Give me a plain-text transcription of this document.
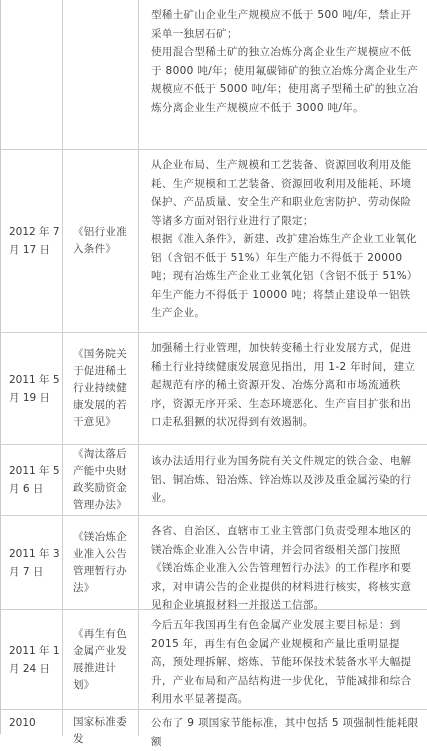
型稀土矿山企业生产规模应不低于 500 吨/年，禁止开采单一独居石矿；

使用混合型稀土矿的独立冶炼分离企业生产规模应不低于 8000 吨/年；使用氟碳铈矿的独立冶炼分离企业生产规模应不低于 5000 吨/年；使用离子型稀土矿的独立冶炼分离企业生产规模应不低于 3000 吨/年。

2012 年 7 月 17 日
《铝行业准入条件》

从企业布局、生产规模和工艺装备、资源回收利用及能耗、生产规模和工艺装备、资源回收利用及能耗、环境保护、产品质量、安全生产和职业危害防护、劳动保险等诸多方面对铝行业进行了限定；

根据《准入条件》，新建、改扩建冶炼生产企业工业氧化铝（含铝不低于 51%）年生产能力不得低于 20000 吨；现有冶炼生产企业工业氧化铝（含铝不低于 51%）年生产能力不得低于 10000 吨；将禁止建设单一铝铁生产企业。

2011 年 5 月 19 日
《国务院关于促进稀土行业持续健康发展的若干意见》

加强稀土行业管理，加快转变稀土行业发展方式，促进稀土行业持续健康发展意见指出，用 1-2 年时间，建立起规范有序的稀土资源开发、冶炼分离和市场流通秩序，资源无序开采、生态环境恶化、生产盲目扩张和出口走私猖獗的状况得到有效遏制。

2011 年 5 月 6 日
《淘汰落后产能中央财政奖励资金管理办法》

该办法适用行业为国务院有关文件规定的铁合金、电解铝、铜冶炼、铅冶炼、锌冶炼以及涉及重金属污染的行业。

2011 年 3 月 7 日
《镁冶炼企业准入公告管理暂行办法》

各省、自治区、直辖市工业主管部门负责受理本地区的镁冶炼企业准入公告申请，并会同省级相关部门按照《镁冶炼企业准入公告管理暂行办法》的工作程序和要求，对申请公告的企业提供的材料进行核实，将核实意见和企业填报材料一并报送工信部。

2011 年 1 月 24 日
《再生有色金属产业发展推进计划》

今后五年我国再生有色金属产业发展主要目标是：到 2015 年，再生有色金属产业规模和产量比重明显提高，预处理拆解、熔炼、节能环保技术装备水平大幅提升，产业布局和产品结构进一步优化，节能减排和综合利用水平显著提高。

2010	国家标准委发

公布了 9 项国家节能标准，其中包括 5 项强制性能耗限额
